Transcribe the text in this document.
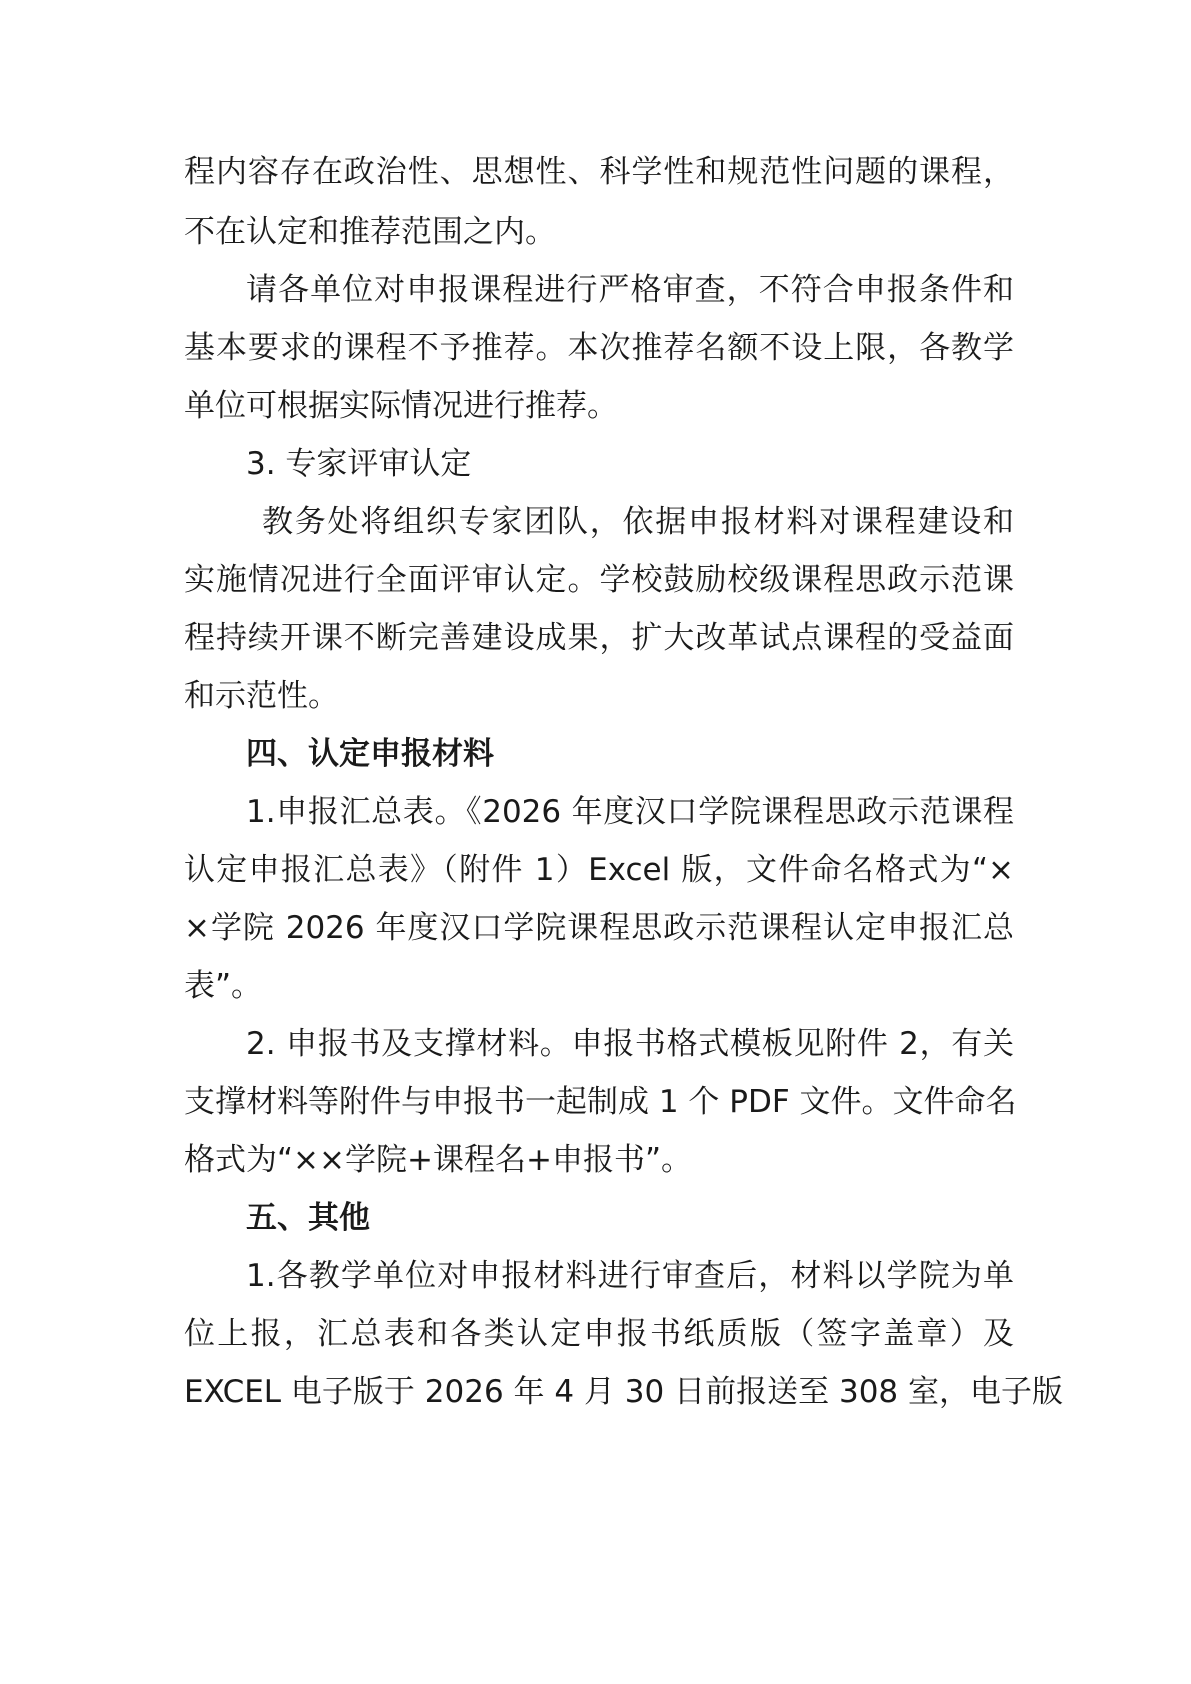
程内容存在政治性、思想性、科学性和规范性问题的课程，
不在认定和推荐范围之内。
请各单位对申报课程进行严格审查，不符合申报条件和
基本要求的课程不予推荐。本次推荐名额不设上限，各教学
单位可根据实际情况进行推荐。
3. 专家评审认定
教务处将组织专家团队，依据申报材料对课程建设和
实施情况进行全面评审认定。学校鼓励校级课程思政示范课
程持续开课不断完善建设成果，扩大改革试点课程的受益面
和示范性。
四、认定申报材料
1.申报汇总表。《2026 年度汉口学院课程思政示范课程
认定申报汇总表》（附件 1）Excel 版，文件命名格式为“×
×学院 2026 年度汉口学院课程思政示范课程认定申报汇总
表”。
2. 申报书及支撑材料。申报书格式模板见附件 2，有关
支撑材料等附件与申报书一起制成 1 个 PDF 文件。文件命名
格式为“××学院+课程名+申报书”。
五、其他
1.各教学单位对申报材料进行审查后，材料以学院为单
位上报，汇总表和各类认定申报书纸质版（签字盖章）及
EXCEL 电子版于 2026 年 4 月 30 日前报送至 308 室，电子版
